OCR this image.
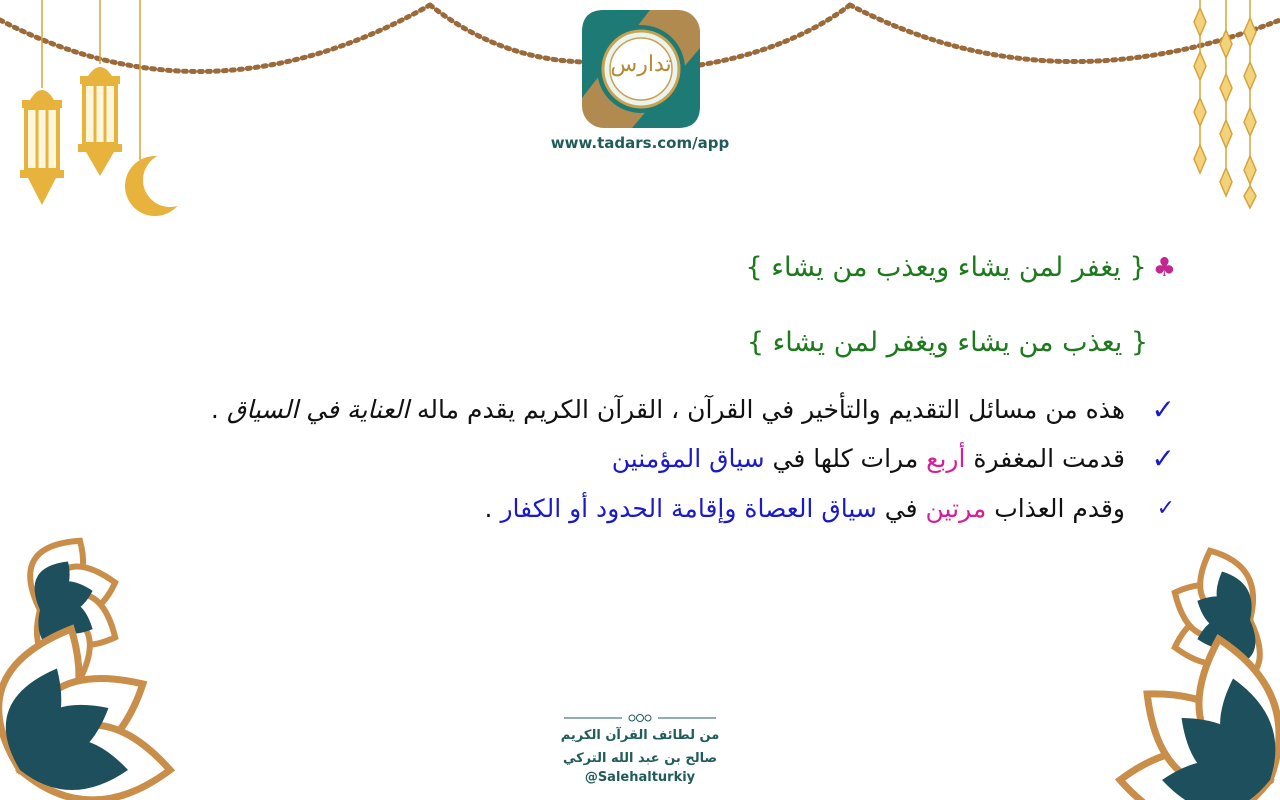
تدارس
www.tadars.com/app
♣{ يغفر لمن يشاء ويعذب من يشاء }
{ يعذب من يشاء ويغفر لمن يشاء }
✓
هذه من مسائل التقديم والتأخير في القرآن ، القرآن الكريم يقدم ماله العناية في السياق .
✓
قدمت المغفرة أربع مرات كلها في سياق المؤمنين
✓
وقدم العذاب مرتين في سياق العصاة وإقامة الحدود أو الكفار .
من لطائف القرآن الكريم
صالح بن عبد الله التركي
@Salehalturkiy
